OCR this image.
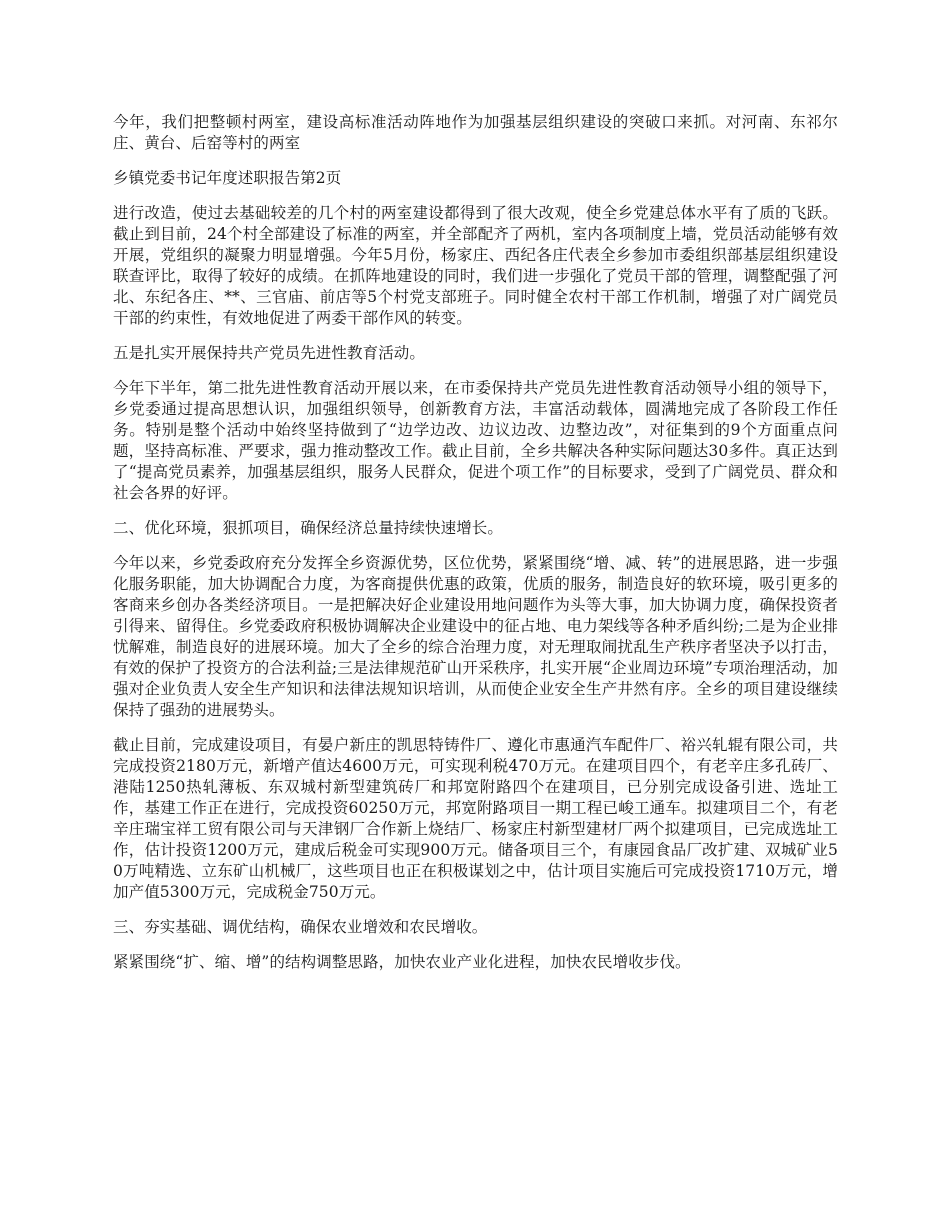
今年，我们把整顿村两室，建设高标准活动阵地作为加强基层组织建设的突破口来抓。对河南、东祁尔庄、黄台、后窑等村的两室

乡镇党委书记年度述职报告第2页

进行改造，使过去基础较差的几个村的两室建设都得到了很大改观，使全乡党建总体水平有了质的飞跃。截止到目前，24个村全部建设了标准的两室，并全部配齐了两机，室内各项制度上墙，党员活动能够有效开展，党组织的凝聚力明显增强。今年5月份，杨家庄、西纪各庄代表全乡参加市委组织部基层组织建设联查评比，取得了较好的成绩。在抓阵地建设的同时，我们进一步强化了党员干部的管理，调整配强了河北、东纪各庄、**、三官庙、前店等5个村党支部班子。同时健全农村干部工作机制，增强了对广阔党员干部的约束性，有效地促进了两委干部作风的转变。

五是扎实开展保持共产党员先进性教育活动。

今年下半年，第二批先进性教育活动开展以来，在市委保持共产党员先进性教育活动领导小组的领导下，乡党委通过提高思想认识，加强组织领导，创新教育方法，丰富活动载体，圆满地完成了各阶段工作任务。特别是整个活动中始终坚持做到了“边学边改、边议边改、边整边改”，对征集到的9个方面重点问题，坚持高标准、严要求，强力推动整改工作。截止目前，全乡共解决各种实际问题达30多件。真正达到了“提高党员素养，加强基层组织，服务人民群众，促进个项工作”的目标要求，受到了广阔党员、群众和社会各界的好评。

二、优化环境，狠抓项目，确保经济总量持续快速增长。

今年以来，乡党委政府充分发挥全乡资源优势，区位优势，紧紧围绕“增、减、转”的进展思路，进一步强化服务职能，加大协调配合力度，为客商提供优惠的政策，优质的服务，制造良好的软环境，吸引更多的客商来乡创办各类经济项目。一是把解决好企业建设用地问题作为头等大事，加大协调力度，确保投资者引得来、留得住。乡党委政府积极协调解决企业建设中的征占地、电力架线等各种矛盾纠纷;二是为企业排忧解难，制造良好的进展环境。加大了全乡的综合治理力度，对无理取闹扰乱生产秩序者坚决予以打击，有效的保护了投资方的合法利益;三是法律规范矿山开采秩序，扎实开展“企业周边环境”专项治理活动，加强对企业负责人安全生产知识和法律法规知识培训，从而使企业安全生产井然有序。全乡的项目建设继续保持了强劲的进展势头。

截止目前，完成建设项目，有晏户新庄的凯思特铸件厂、遵化市惠通汽车配件厂、裕兴轧辊有限公司，共完成投资2180万元，新增产值达4600万元，可实现利税470万元。在建项目四个，有老辛庄多孔砖厂、港陆1250热轧薄板、东双城村新型建筑砖厂和邦宽附路四个在建项目，已分别完成设备引进、选址工作，基建工作正在进行，完成投资60250万元，邦宽附路项目一期工程已峻工通车。拟建项目二个，有老辛庄瑞宝祥工贸有限公司与天津钢厂合作新上烧结厂、杨家庄村新型建材厂两个拟建项目，已完成选址工作，估计投资1200万元，建成后税金可实现900万元。储备项目三个，有康园食品厂改扩建、双城矿业50万吨精选、立东矿山机械厂，这些项目也正在积极谋划之中，估计项目实施后可完成投资1710万元，增加产值5300万元，完成税金750万元。

三、夯实基础、调优结构，确保农业增效和农民增收。

紧紧围绕“扩、缩、增”的结构调整思路，加快农业产业化进程，加快农民增收步伐。
